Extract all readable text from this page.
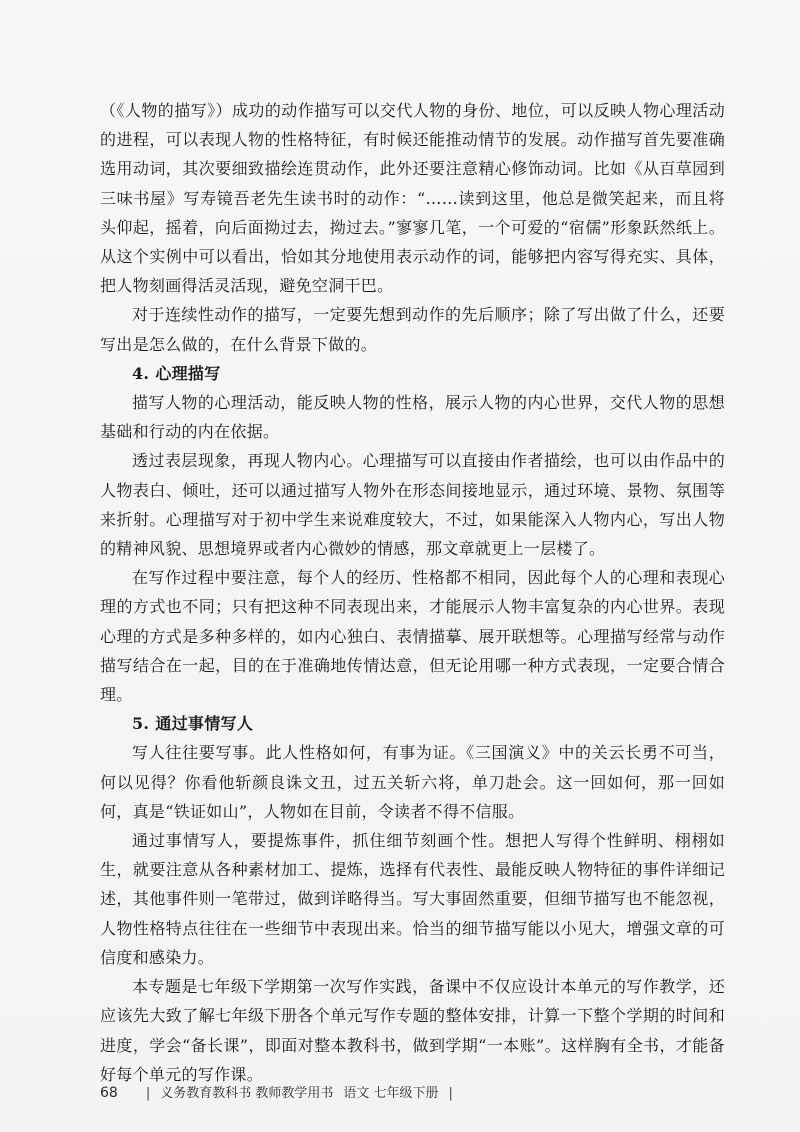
（《人物的描写》）成功的动作描写可以交代人物的身份、地位，可以反映人物心理活动的进程，可以表现人物的性格特征，有时候还能推动情节的发展。动作描写首先要准确选用动词，其次要细致描绘连贯动作，此外还要注意精心修饰动词。比如《从百草园到三味书屋》写寿镜吾老先生读书时的动作：“……读到这里，他总是微笑起来，而且将头仰起，摇着，向后面拗过去，拗过去。”寥寥几笔，一个可爱的“宿儒”形象跃然纸上。从这个实例中可以看出，恰如其分地使用表示动作的词，能够把内容写得充实、具体，把人物刻画得活灵活现，避免空洞干巴。

对于连续性动作的描写，一定要先想到动作的先后顺序；除了写出做了什么，还要写出是怎么做的，在什么背景下做的。

4. 心理描写

描写人物的心理活动，能反映人物的性格，展示人物的内心世界，交代人物的思想基础和行动的内在依据。

透过表层现象，再现人物内心。心理描写可以直接由作者描绘，也可以由作品中的人物表白、倾吐，还可以通过描写人物外在形态间接地显示，通过环境、景物、氛围等来折射。心理描写对于初中学生来说难度较大，不过，如果能深入人物内心，写出人物的精神风貌、思想境界或者内心微妙的情感，那文章就更上一层楼了。

在写作过程中要注意，每个人的经历、性格都不相同，因此每个人的心理和表现心理的方式也不同；只有把这种不同表现出来，才能展示人物丰富复杂的内心世界。表现心理的方式是多种多样的，如内心独白、表情描摹、展开联想等。心理描写经常与动作描写结合在一起，目的在于准确地传情达意，但无论用哪一种方式表现，一定要合情合理。

5. 通过事情写人

写人往往要写事。此人性格如何，有事为证。《三国演义》中的关云长勇不可当，何以见得？你看他斩颜良诛文丑，过五关斩六将，单刀赴会。这一回如何，那一回如何，真是“铁证如山”，人物如在目前，令读者不得不信服。

通过事情写人，要提炼事件，抓住细节刻画个性。想把人写得个性鲜明、栩栩如生，就要注意从各种素材加工、提炼，选择有代表性、最能反映人物特征的事件详细记述，其他事件则一笔带过，做到详略得当。写大事固然重要，但细节描写也不能忽视，人物性格特点往往在一些细节中表现出来。恰当的细节描写能以小见大，增强文章的可信度和感染力。

本专题是七年级下学期第一次写作实践，备课中不仅应设计本单元的写作教学，还应该先大致了解七年级下册各个单元写作专题的整体安排，计算一下整个学期的时间和进度，学会“备长课”，即面对整本教科书，做到学期“一本账”。这样胸有全书，才能备好每个单元的写作课。

68 | 义务教育教科书 教师教学用书 语文 七年级下册 |
